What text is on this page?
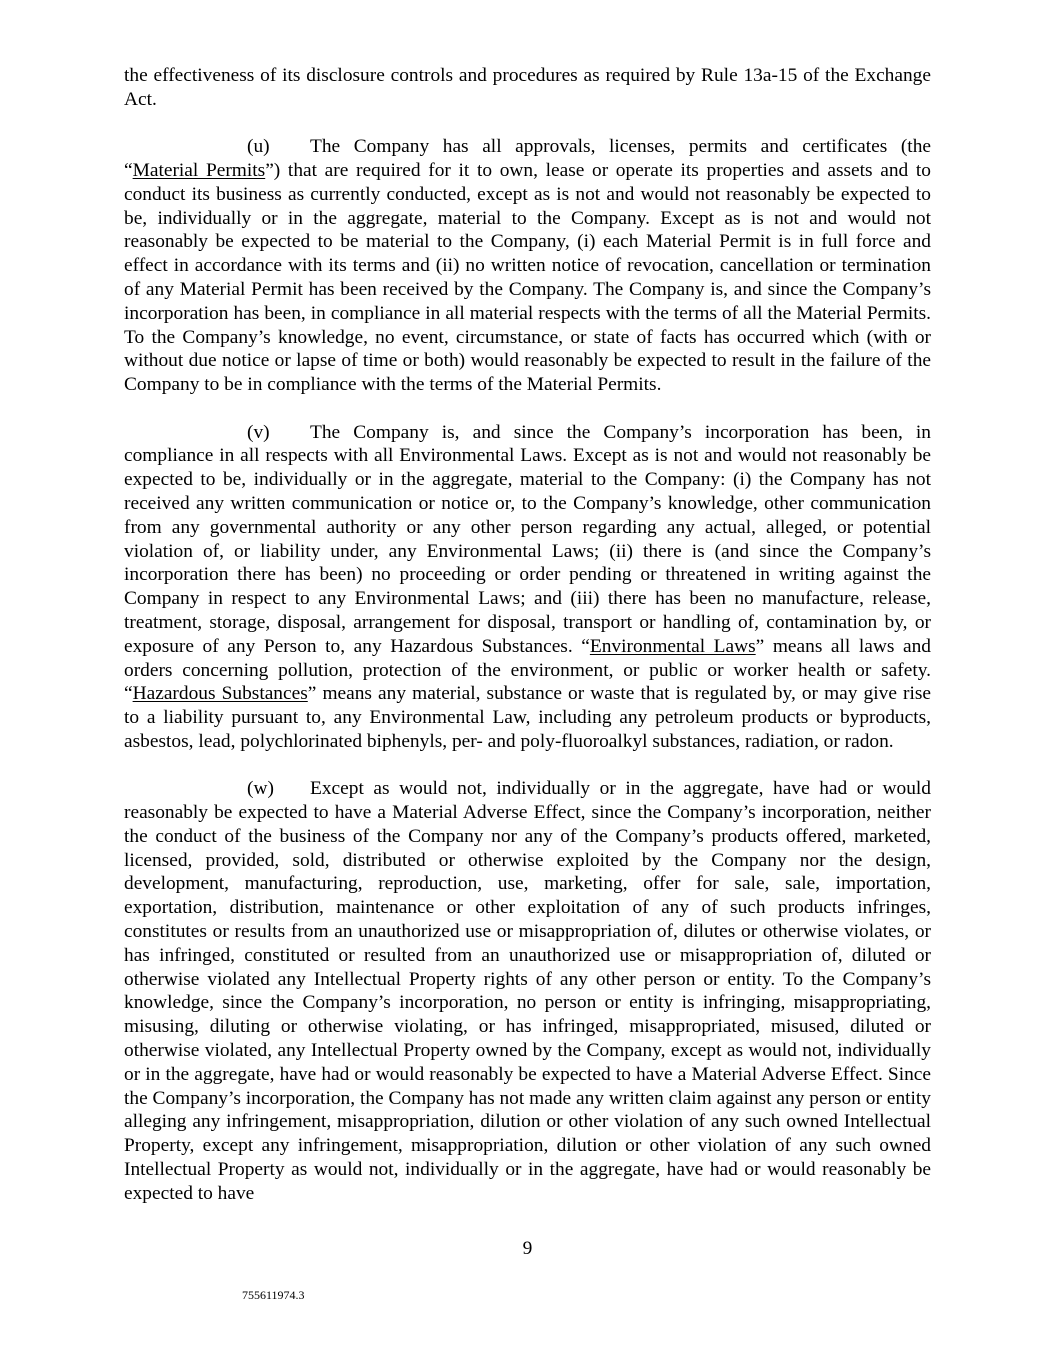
the effectiveness of its disclosure controls and procedures as required by Rule 13a-15 of the Exchange Act.

(u) The Company has all approvals, licenses, permits and certificates (the “Material Permits”) that are required for it to own, lease or operate its properties and assets and to conduct its business as currently conducted, except as is not and would not reasonably be expected to be, individually or in the aggregate, material to the Company. Except as is not and would not reasonably be expected to be material to the Company, (i) each Material Permit is in full force and effect in accordance with its terms and (ii) no written notice of revocation, cancellation or termination of any Material Permit has been received by the Company. The Company is, and since the Company’s incorporation has been, in compliance in all material respects with the terms of all the Material Permits. To the Company’s knowledge, no event, circumstance, or state of facts has occurred which (with or without due notice or lapse of time or both) would reasonably be expected to result in the failure of the Company to be in compliance with the terms of the Material Permits.

(v) The Company is, and since the Company’s incorporation has been, in compliance in all respects with all Environmental Laws. Except as is not and would not reasonably be expected to be, individually or in the aggregate, material to the Company: (i) the Company has not received any written communication or notice or, to the Company’s knowledge, other communication from any governmental authority or any other person regarding any actual, alleged, or potential violation of, or liability under, any Environmental Laws; (ii) there is (and since the Company’s incorporation there has been) no proceeding or order pending or threatened in writing against the Company in respect to any Environmental Laws; and (iii) there has been no manufacture, release, treatment, storage, disposal, arrangement for disposal, transport or handling of, contamination by, or exposure of any Person to, any Hazardous Substances. “Environmental Laws” means all laws and orders concerning pollution, protection of the environment, or public or worker health or safety. “Hazardous Substances” means any material, substance or waste that is regulated by, or may give rise to a liability pursuant to, any Environmental Law, including any petroleum products or byproducts, asbestos, lead, polychlorinated biphenyls, per- and poly-fluoroalkyl substances, radiation, or radon.

(w) Except as would not, individually or in the aggregate, have had or would reasonably be expected to have a Material Adverse Effect, since the Company’s incorporation, neither the conduct of the business of the Company nor any of the Company’s products offered, marketed, licensed, provided, sold, distributed or otherwise exploited by the Company nor the design, development, manufacturing, reproduction, use, marketing, offer for sale, sale, importation, exportation, distribution, maintenance or other exploitation of any of such products infringes, constitutes or results from an unauthorized use or misappropriation of, dilutes or otherwise violates, or has infringed, constituted or resulted from an unauthorized use or misappropriation of, diluted or otherwise violated any Intellectual Property rights of any other person or entity. To the Company’s knowledge, since the Company’s incorporation, no person or entity is infringing, misappropriating, misusing, diluting or otherwise violating, or has infringed, misappropriated, misused, diluted or otherwise violated, any Intellectual Property owned by the Company, except as would not, individually or in the aggregate, have had or would reasonably be expected to have a Material Adverse Effect. Since the Company’s incorporation, the Company has not made any written claim against any person or entity alleging any infringement, misappropriation, dilution or other violation of any such owned Intellectual Property, except any infringement, misappropriation, dilution or other violation of any such owned Intellectual Property as would not, individually or in the aggregate, have had or would reasonably be expected to have

9

755611974.3
